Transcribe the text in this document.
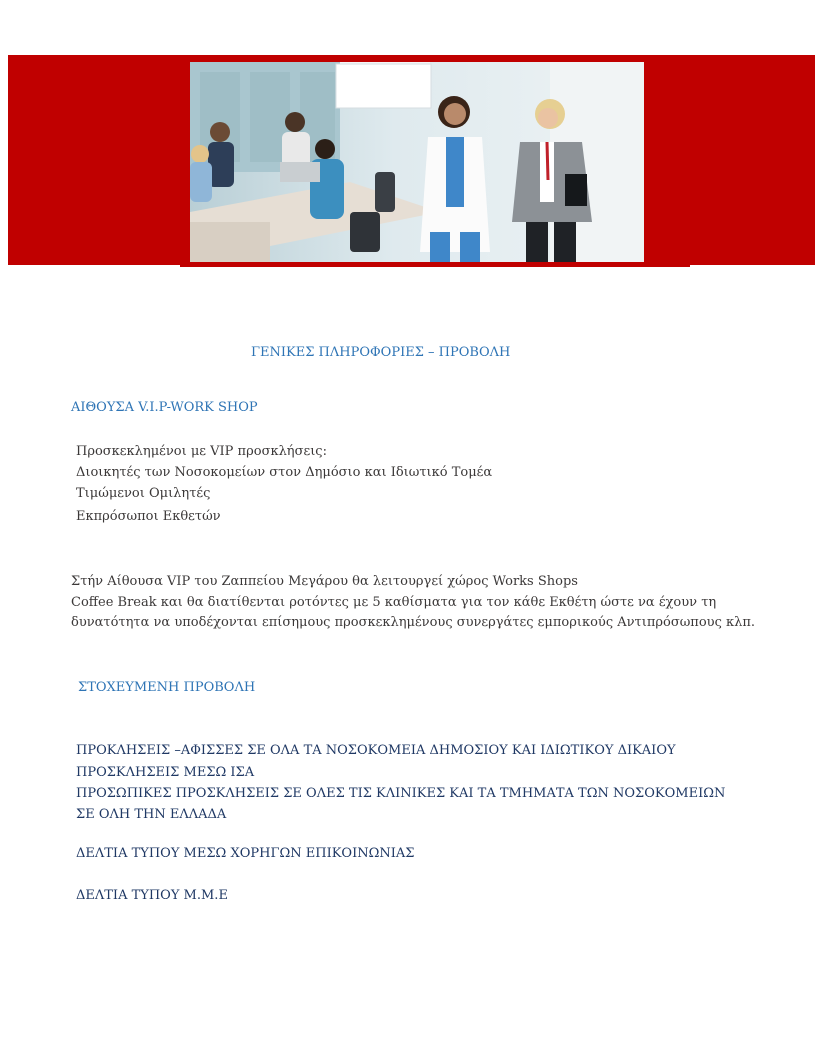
ΓΕΝΙΚΕΣ ΠΛΗΡΟΦΟΡΙΕΣ – ΠΡΟΒΟΛΗ
ΑΙΘΟΥΣΑ V.I.P-WORK SHOP
Προσκεκλημένοι με VIP προσκλήσεις:
Διοικητές των Νοσοκομείων στον Δημόσιο και Ιδιωτικό Τομέα
Τιμώμενοι Ομιλητές
Εκπρόσωποι Εκθετών
Στήν Αίθουσα VIP του Ζαππείου Μεγάρου θα λειτουργεί χώρος Works Shops
Coffee Break και θα διατίθενται ροτόντες με 5 καθίσματα για τον κάθε Εκθέτη ώστε να έχουν τη
δυνατότητα να υποδέχονται επίσημους προσκεκλημένους συνεργάτες εμπορικούς Αντιπρόσωπους κλπ.
ΣΤΟΧΕΥΜΕΝΗ ΠΡΟΒΟΛΗ
ΠΡΟΚΛΗΣΕΙΣ –ΑΦΙΣΣΕΣ ΣΕ ΟΛΑ ΤΑ ΝΟΣΟΚΟΜΕΙΑ ΔΗΜΟΣΙΟΥ ΚΑΙ ΙΔΙΩΤΙΚΟΥ ΔΙΚΑΙΟΥ
ΠΡΟΣΚΛΗΣΕΙΣ ΜΕΣΩ ΙΣΑ
ΠΡΟΣΩΠΙΚΕΣ ΠΡΟΣΚΛΗΣΕΙΣ ΣΕ ΟΛΕΣ ΤΙΣ ΚΛΙΝΙΚΕΣ ΚΑΙ ΤΑ ΤΜΗΜΑΤΑ ΤΩΝ ΝΟΣΟΚΟΜΕΙΩΝ
ΣΕ ΟΛΗ ΤΗΝ ΕΛΛΑΔΑ
ΔΕΛΤΙΑ ΤΥΠΟΥ ΜΕΣΩ ΧΟΡΗΓΩΝ ΕΠΙΚΟΙΝΩΝΙΑΣ
ΔΕΛΤΙΑ ΤΥΠΟΥ Μ.Μ.Ε
